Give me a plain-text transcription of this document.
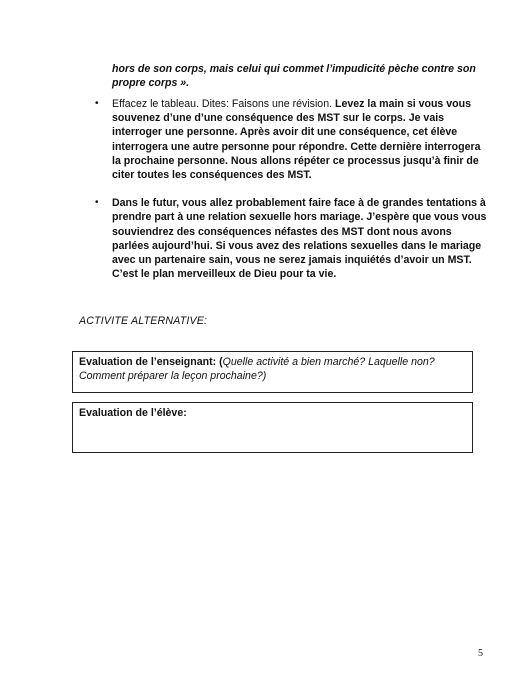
hors de son corps, mais celui qui commet l’impudicité pèche contre son propre corps ».
• Effacez le tableau. Dites: Faisons une révision. Levez la main si vous vous souvenez d’une d’une conséquence des MST sur le corps. Je vais interroger une personne. Après avoir dit une conséquence, cet élève interrogera une autre personne pour répondre. Cette dernière interrogera la prochaine personne. Nous allons répéter ce processus jusqu’à finir de citer toutes les conséquences des MST.
• Dans le futur, vous allez probablement faire face à de grandes tentations à prendre part à une relation sexuelle hors mariage. J’espère que vous vous souviendrez des conséquences néfastes des MST dont nous avons parlées aujourd’hui. Si vous avez des relations sexuelles dans le mariage avec un partenaire sain, vous ne serez jamais inquiétés d’avoir un MST. C’est le plan merveilleux de Dieu pour ta vie.
ACTIVITE ALTERNATIVE:
Evaluation de l’enseignant: (Quelle activité a bien marché? Laquelle non? Comment préparer la leçon prochaine?)
Evaluation de l’élève:
5
